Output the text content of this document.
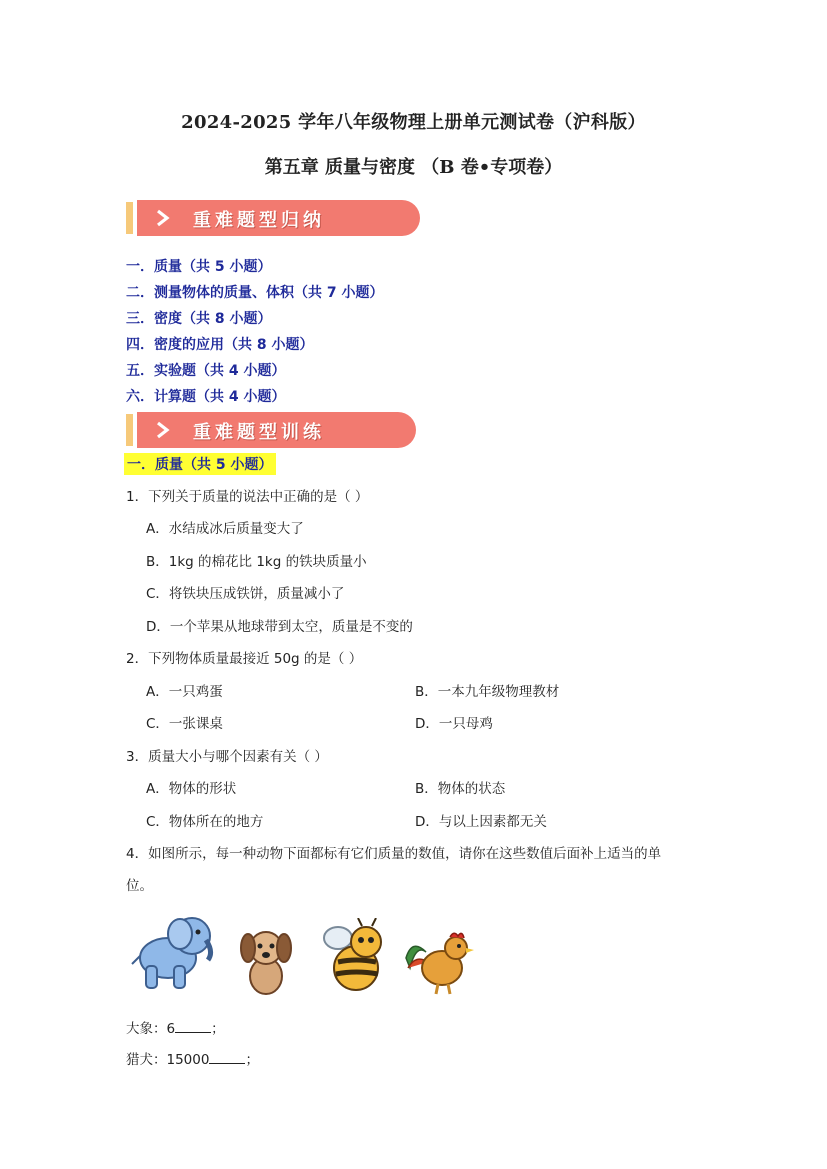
2024-2025 学年八年级物理上册单元测试卷（沪科版）
第五章 质量与密度 （B 卷•专项卷）
重难题型归纳
一．质量（共 5 小题）
二．测量物体的质量、体积（共 7 小题）
三．密度（共 8 小题）
四．密度的应用（共 8 小题）
五．实验题（共 4 小题）
六．计算题（共 4 小题）
重难题型训练
一．质量（共 5 小题）
1．下列关于质量的说法中正确的是（ ）
A．水结成冰后质量变大了
B．1kg 的棉花比 1kg 的铁块质量小
C．将铁块压成铁饼，质量减小了
D．一个苹果从地球带到太空，质量是不变的
2．下列物体质量最接近 50g 的是（ ）
A．一只鸡蛋	B．一本九年级物理教材
C．一张课桌	D．一只母鸡
3．质量大小与哪个因素有关（ ）
A．物体的形状	B．物体的状态
C．物体所在的地方	D．与以上因素都无关
4．如图所示，每一种动物下面都标有它们质量的数值，请你在这些数值后面补上适当的单
位。
大象：6	；
猎犬：15000	；
